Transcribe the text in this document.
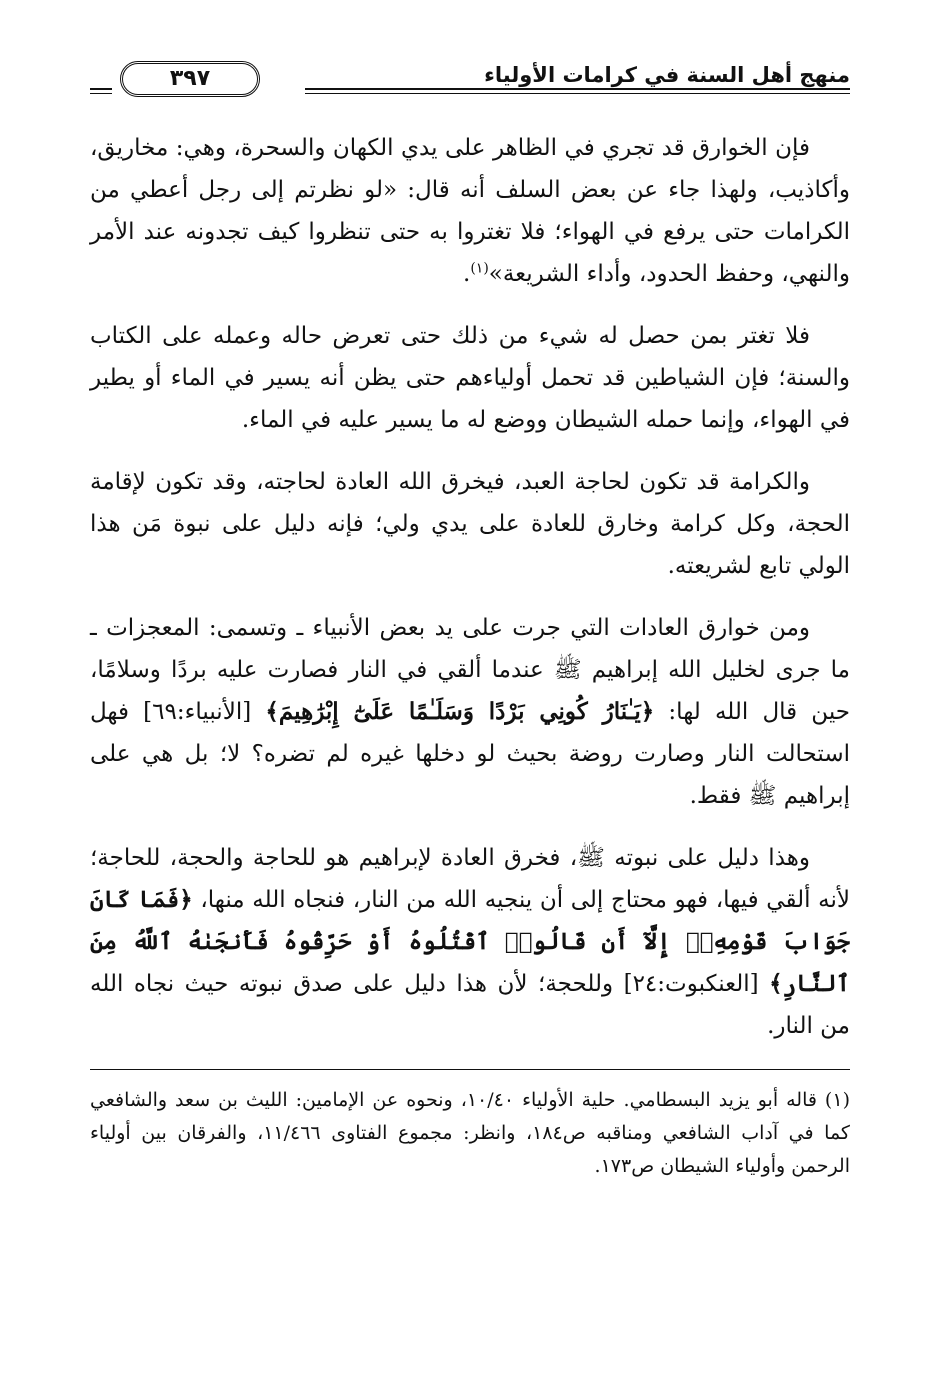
منهج أهل السنة في كرامات الأولياء
٣٩٧

فإن الخوارق قد تجري في الظاهر على يدي الكهان والسحرة، وهي: مخاريق، وأكاذيب، ولهذا جاء عن بعض السلف أنه قال: «لو نظرتم إلى رجل أعطي من الكرامات حتى يرفع في الهواء؛ فلا تغتروا به حتى تنظروا كيف تجدونه عند الأمر والنهي، وحفظ الحدود، وأداء الشريعة»$^{(١)}$.

فلا تغتر بمن حصل له شيء من ذلك حتى تعرض حاله وعمله على الكتاب والسنة؛ فإن الشياطين قد تحمل أولياءهم حتى يظن أنه يسير في الماء أو يطير في الهواء، وإنما حمله الشيطان ووضع له ما يسير عليه في الماء.

والكرامة قد تكون لحاجة العبد، فيخرق الله العادة لحاجته، وقد تكون لإقامة الحجة، وكل كرامة وخارق للعادة على يدي ولي؛ فإنه دليل على نبوة مَن هذا الولي تابع لشريعته.

ومن خوارق العادات التي جرت على يد بعض الأنبياء ـ وتسمى: المعجزات ـ ما جرى لخليل الله إبراهيم ﷺ عندما ألقي في النار فصارت عليه بردًا وسلامًا، حين قال الله لها: ﴿يَـٰنَارُ كُونِي بَرْدًا وَسَلَـٰمًا عَلَىٰٓ إِبْرَٰهِيمَ﴾ [الأنبياء:٦٩] فهل استحالت النار وصارت روضة بحيث لو دخلها غيره لم تضره؟ لا؛ بل هي على إبراهيم ﷺ فقط.

وهذا دليل على نبوته ﷺ، فخرق العادة لإبراهيم هو للحاجة والحجة، للحاجة؛ لأنه ألقي فيها، فهو محتاج إلى أن ينجيه الله من النار، فنجاه الله منها، ﴿فَمَا كَانَ جَوَابَ قَوْمِهِۦٓ إِلَّآ أَن قَالُوا۟ ٱقْتُلُوهُ أَوْ حَرِّقُوهُ فَأَنجَىٰهُ ٱللَّهُ مِنَ ٱلنَّارِ﴾ [العنكبوت:٢٤] وللحجة؛ لأن هذا دليل على صدق نبوته حيث نجاه الله من النار.

(١) قاله أبو يزيد البسطامي. حلية الأولياء ١٠/٤٠، ونحوه عن الإمامين: الليث بن سعد والشافعي كما في آداب الشافعي ومناقبه ص١٨٤، وانظر: مجموع الفتاوى ١١/٤٦٦، والفرقان بين أولياء الرحمن وأولياء الشيطان ص١٧٣.
